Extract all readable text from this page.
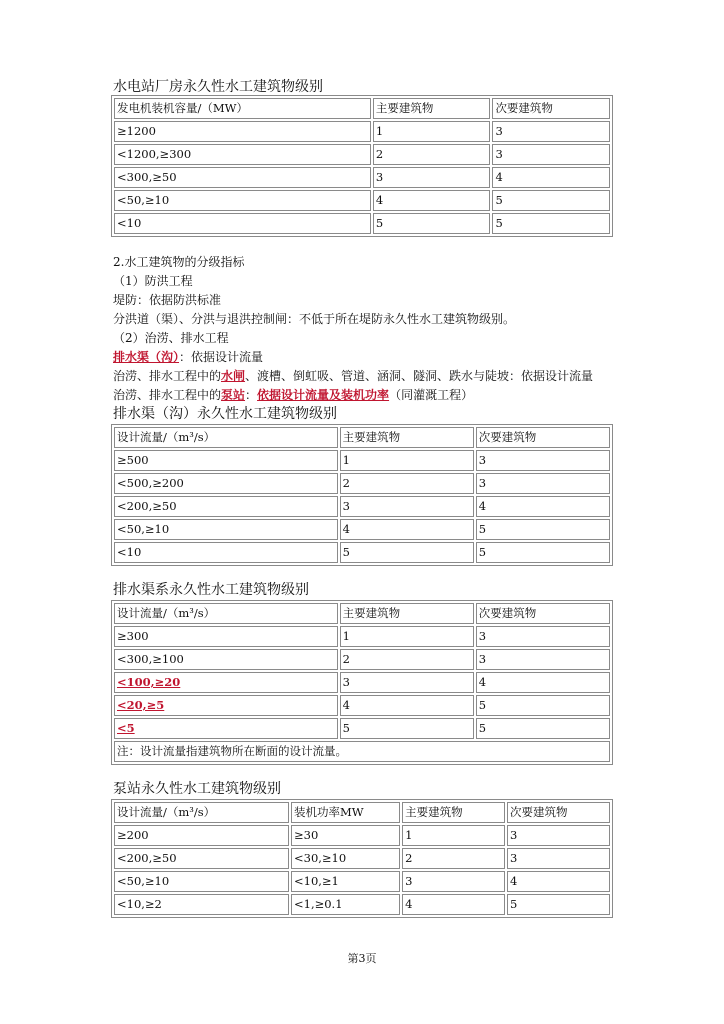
水电站厂房永久性水工建筑物级别
发电机装机容量/（MW）	主要建筑物	次要建筑物
≥1200	1	3
<1200,≥300	2	3
<300,≥50	3	4
<50,≥10	4	5
<10	5	5
2.水工建筑物的分级指标
（1）防洪工程
堤防：依据防洪标准
分洪道（渠）、分洪与退洪控制闸：不低于所在堤防永久性水工建筑物级别。
（2）治涝、排水工程
排水渠（沟）：依据设计流量
治涝、排水工程中的水闸、渡槽、倒虹吸、管道、涵洞、隧洞、跌水与陡坡：依据设计流量
治涝、排水工程中的泵站：依据设计流量及装机功率（同灌溉工程）
排水渠（沟）永久性水工建筑物级别
设计流量/（m³/s）	主要建筑物	次要建筑物
≥500	1	3
<500,≥200	2	3
<200,≥50	3	4
<50,≥10	4	5
<10	5	5
排水渠系永久性水工建筑物级别
设计流量/（m³/s）	主要建筑物	次要建筑物
≥300	1	3
<300,≥100	2	3
<100,≥20	3	4
<20,≥5	4	5
<5	5	5
注：设计流量指建筑物所在断面的设计流量。		
泵站永久性水工建筑物级别
设计流量/（m³/s）	装机功率MW	主要建筑物	次要建筑物
≥200	≥30	1	3
<200,≥50	<30,≥10	2	3
<50,≥10	<10,≥1	3	4
<10,≥2	<1,≥0.1	4	5
第3页
